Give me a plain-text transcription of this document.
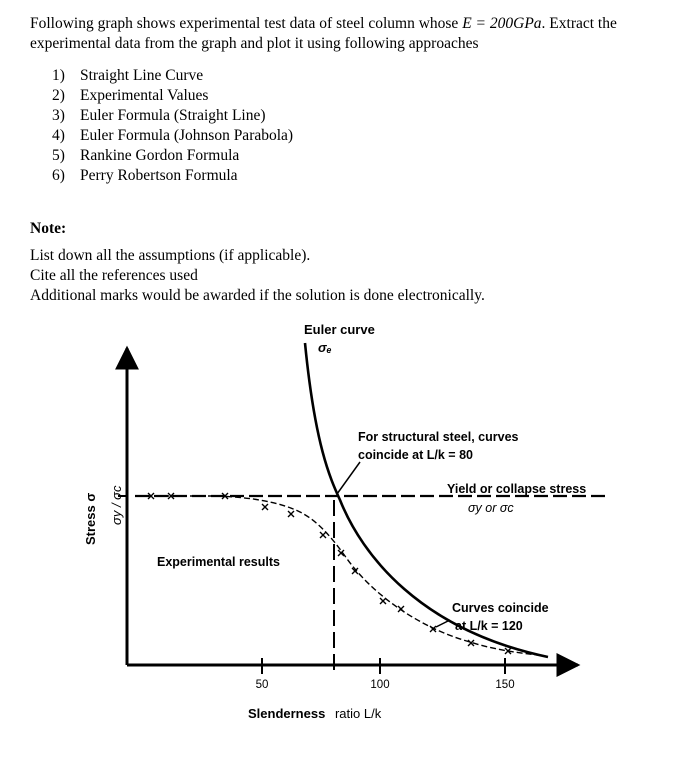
Following graph shows experimental test data of steel column whose E = 200GPa. Extract the experimental data from the graph and plot it using following approaches
1) Straight Line Curve
2) Experimental Values
3) Euler Formula (Straight Line)
4) Euler Formula (Johnson Parabola)
5) Rankine Gordon Formula
6) Perry Robertson Formula
Note:
List down all the assumptions (if applicable).
Cite all the references used
Additional marks would be awarded if the solution is done electronically.
Euler curve
σₑ
For structural steel, curves
coincide at L/k = 80
Yield or collapse stress
σy or σc
Experimental results
Curves coincide
at L/k = 120
Stress σ σy / σc
50	100	150
Slenderness ratio L/k
